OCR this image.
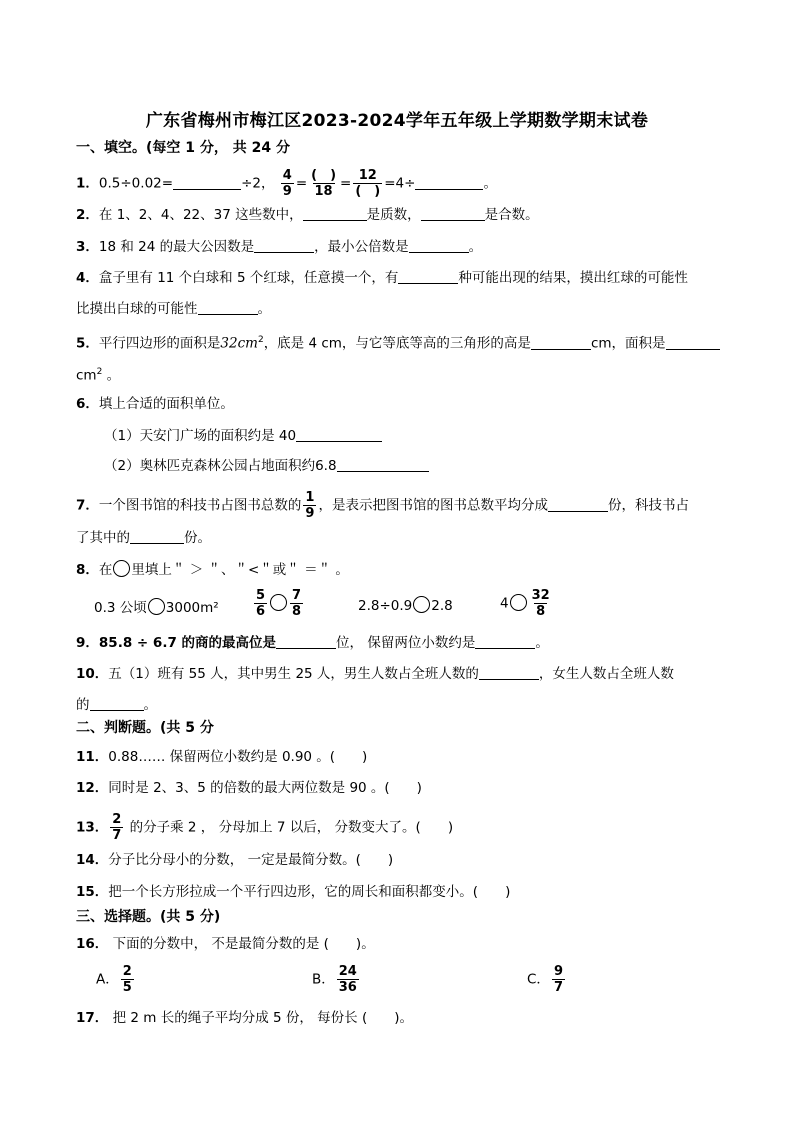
广东省梅州市梅江区2023-2024学年五年级上学期数学期末试卷
一、填空。(每空 1 分， 共 24 分
1．0.5÷0.02=	÷2， $\frac{4}{9} = \frac{( )}{18} = \frac{12}{( )} =4\div$	。
2．在 1、2、4、22、37 这些数中，	是质数，	是合数。
3．18 和 24 的最大公因数是	，最小公倍数是	。
4．盒子里有 11 个白球和 5 个红球，任意摸一个，有	种可能出现的结果，摸出红球的可能性
比摸出白球的可能性	。
5．平行四边形的面积是$32cm^2$，底是 4 cm，与它等底等高的三角形的高是	cm，面积是
$cm^2$ 。
6．填上合适的面积单位。
（1）天安门广场的面积约是 40
（2）奥林匹克森林公园占地面积约6.8
7．一个图书馆的科技书占图书总数的 $\frac{1}{9}$ ，是表示把图书馆的图书总数平均分成	份，科技书占
了其中的	份。
8．在 里填上＂ ＞ ＂、＂<＂或＂ ＝＂ 。
0.3 公顷 3000m²	$\frac{5}{6} \frac{7}{8}$	2.8÷0.9 2.8	$4 \frac{32}{8}$
9．85.8 ÷ 6.7 的商的最高位是	位， 保留两位小数约是	。
10．五（1）班有 55 人，其中男生 25 人，男生人数占全班人数的	，女生人数占全班人数
的	。
二、判断题。(共 5 分
11．0.88…… 保留两位小数约是 0.90 。(　　)
12．同时是 2、3、5 的倍数的最大两位数是 90 。(　　)
13． $\frac{2}{7}$ 的分子乘 2 ， 分母加上 7 以后， 分数变大了。(　　)
14．分子比分母小的分数， 一定是最简分数。(　　)
15．把一个长方形拉成一个平行四边形，它的周长和面积都变小。(　　)
三、选择题。(共 5 分)
16． 下面的分数中， 不是最简分数的是 (　　)。
A． $\frac{2}{5}$	B． $\frac{24}{36}$	C． $\frac{9}{7}$
17． 把 2 m 长的绳子平均分成 5 份， 每份长 (　　)。
